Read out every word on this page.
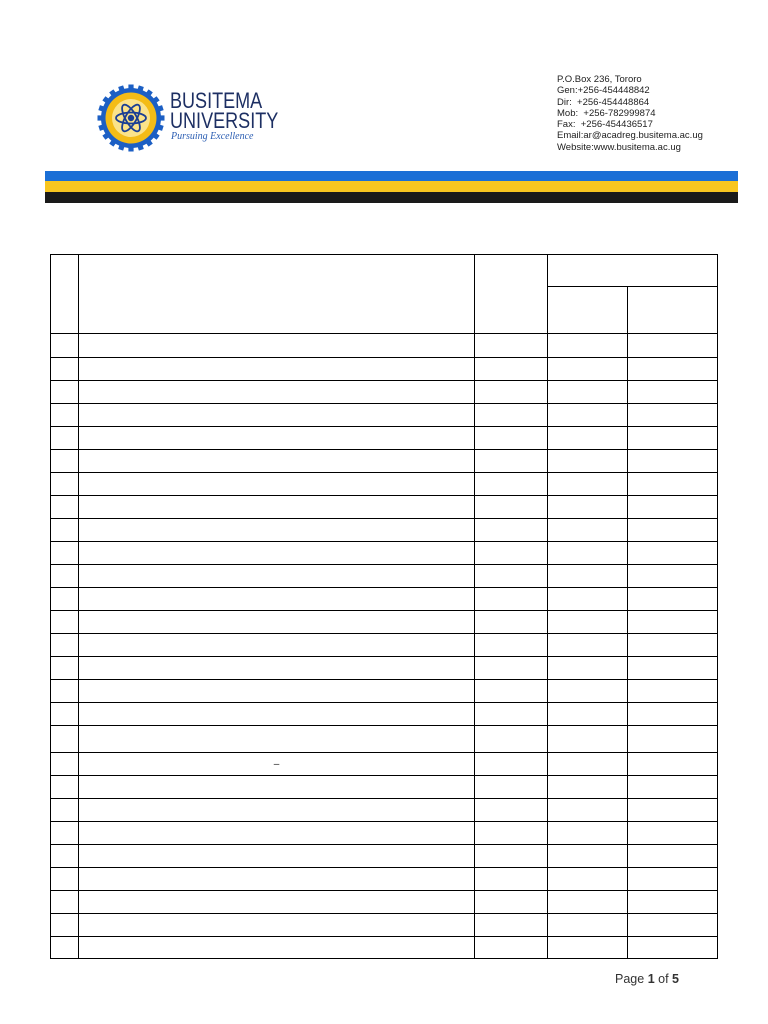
BUSITEMA
UNIVERSITY
Pursuing Excellence
P.O.Box 236, Tororo
Gen:+256-454448842
Dir:  +256-454448864
Mob:  +256-782999874
Fax:  +256-454436517
Email:ar@acadreg.busitema.ac.ug
Website:www.busitema.ac.ug
–
Page 1 of 5
